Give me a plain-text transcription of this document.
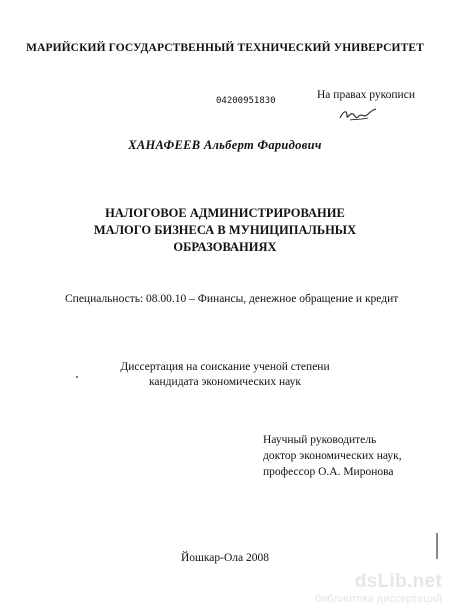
МАРИЙСКИЙ ГОСУДАРСТВЕННЫЙ ТЕХНИЧЕСКИЙ УНИВЕРСИТЕТ
04200951830	На правах рукописи
ХАНАФЕЕВ Альберт Фаридович
НАЛОГОВОЕ АДМИНИСТРИРОВАНИЕ
МАЛОГО БИЗНЕСА В МУНИЦИПАЛЬНЫХ
ОБРАЗОВАНИЯХ
Специальность: 08.00.10 – Финансы, денежное обращение и кредит
Диссертация на соискание ученой степени
кандидата экономических наук
Научный руководитель
доктор экономических наук,
профессор О.А. Миронова
Йошкар-Ола 2008
dsLib.net
библиотека диссертаций
